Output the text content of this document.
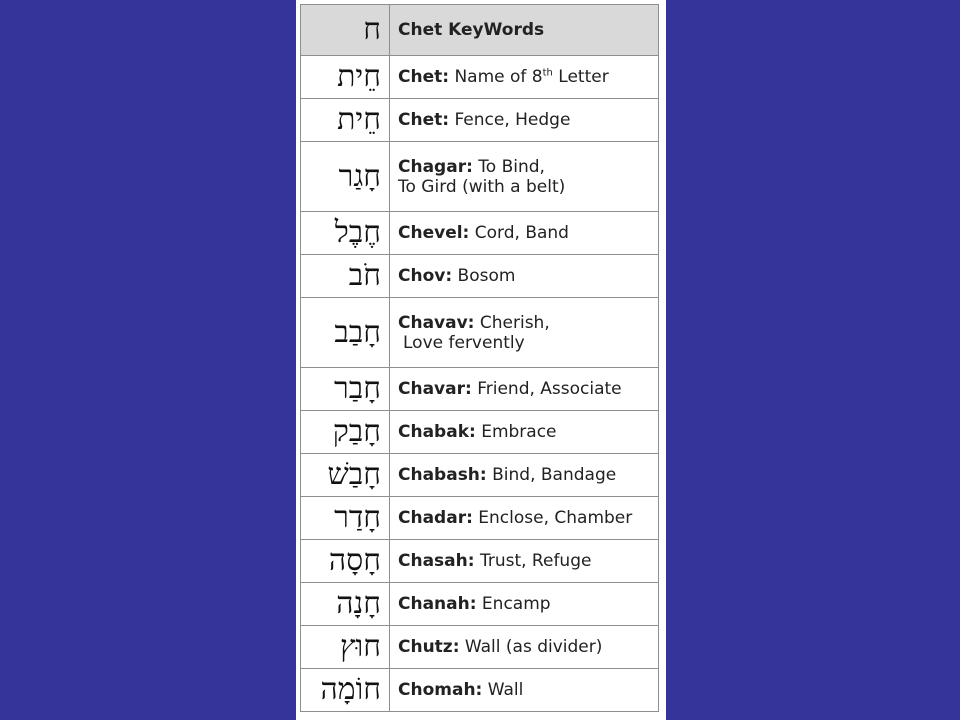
ח	Chet KeyWords
חֵית	Chet: Name of 8th Letter
חֵית	Chet: Fence, Hedge
חָגַר	Chagar: To Bind,
To Gird (with a belt)

חֶבֶל	Chevel: Cord, Band
חֹב	Chov: Bosom
חָבַב	Chavav: Cherish,
Love fervently

חָבַר	Chavar: Friend, Associate
חָבַק	Chabak: Embrace
חָבַשׁ	Chabash: Bind, Bandage
חָדַר	Chadar: Enclose, Chamber
חָסָה	Chasah: Trust, Refuge
חָנָה	Chanah: Encamp
חוּץ	Chutz: Wall (as divider)
חוֹמָה	Chomah: Wall
